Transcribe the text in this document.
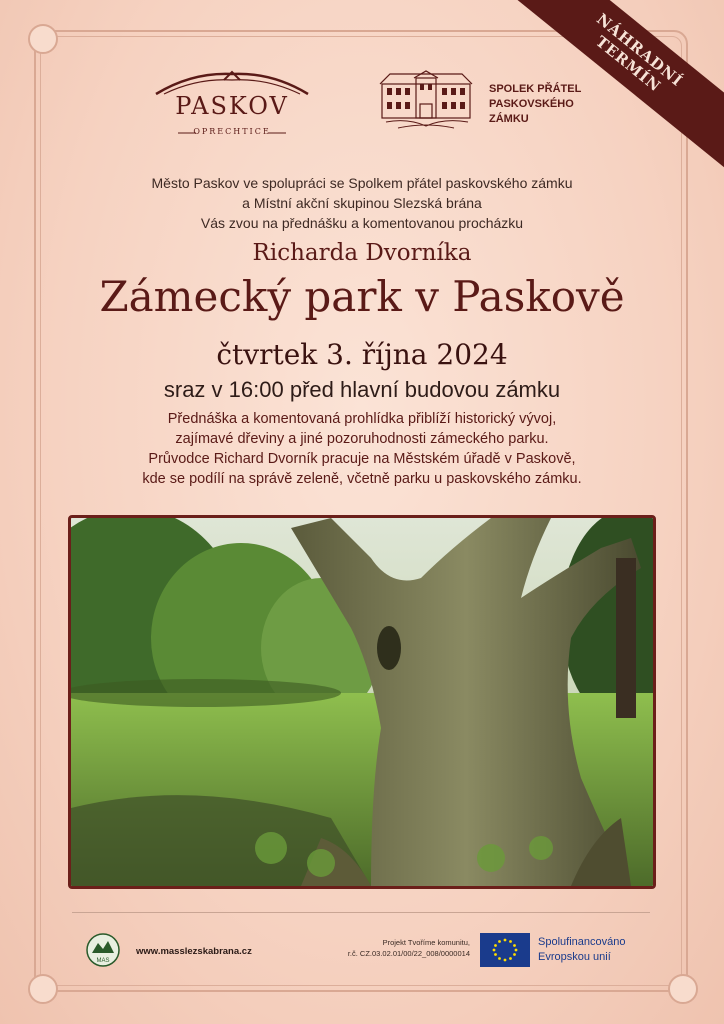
NÁHRADNÍ
TERMÍN
PASKOV
OPRECHTICE
SPOLEK PŘÁTEL
PASKOVSKÉHO
ZÁMKU
Město Paskov ve spolupráci se Spolkem přátel paskovského zámku
a Místní akční skupinou Slezská brána
Vás zvou na přednášku a komentovanou procházku
Richarda Dvorníka
Zámecký park v Paskově
čtvrtek 3. října 2024
sraz v 16:00 před hlavní budovou zámku
Přednáška a komentovaná prohlídka přiblíží historický vývoj,
zajímavé dřeviny a jiné pozoruhodnosti zámeckého parku.
Průvodce Richard Dvorník pracuje na Městském úřadě v Paskově,
kde se podílí na správě zeleně, včetně parku u paskovského zámku.
MAS
www.masslezskabrana.cz
Projekt Tvoříme komunitu,
r.č. CZ.03.02.01/00/22_008/0000014
Spolufinancováno
Evropskou unií
